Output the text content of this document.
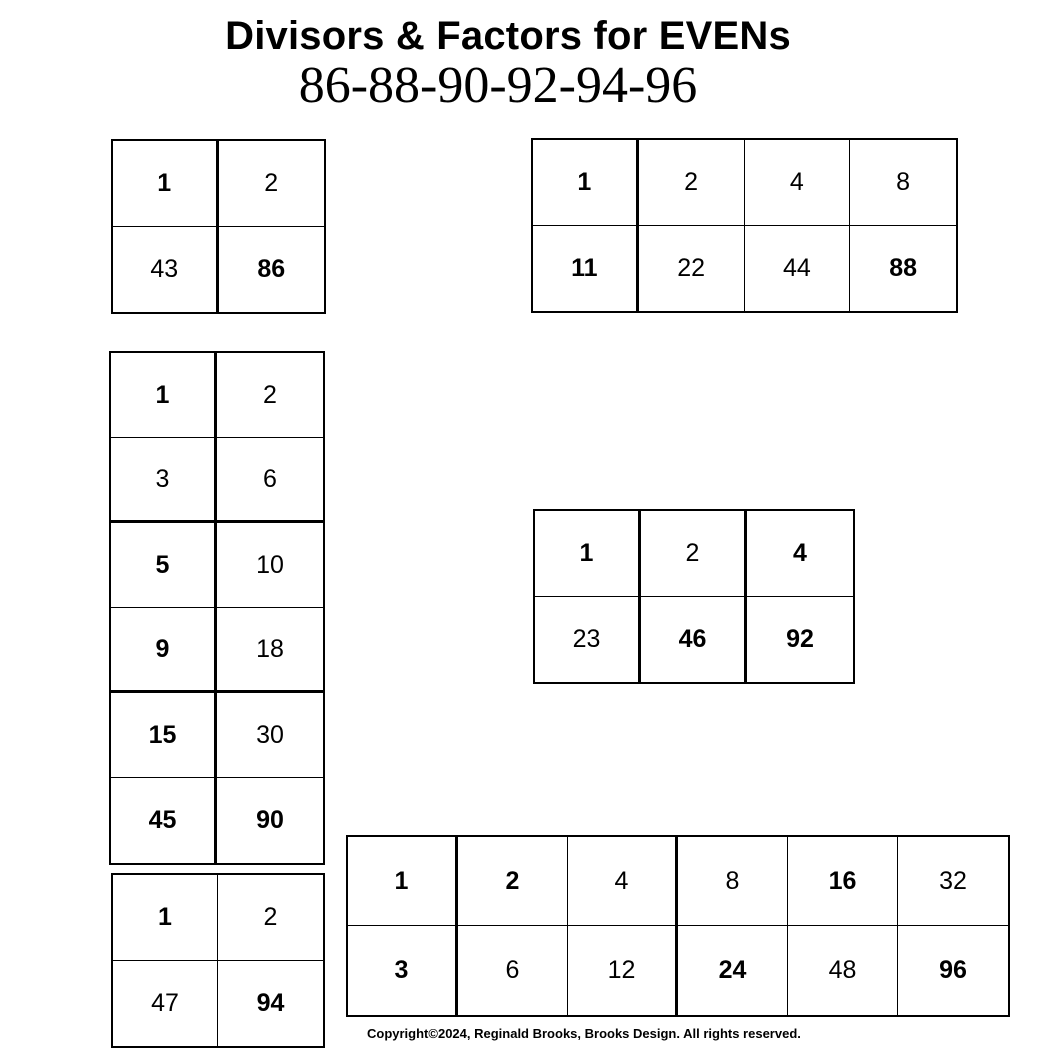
Divisors & Factors for EVENs
86-88-90-92-94-96
1	2
43	86
1	2	4	8
11	22	44	88
1	2
3	6
5	10
9	18
15	30
45	90
1	2	4
23	46	92
1	2
47	94
1	2	4	8	16	32
3	6	12	24	48	96
Copyright©2024, Reginald Brooks, Brooks Design. All rights reserved.
